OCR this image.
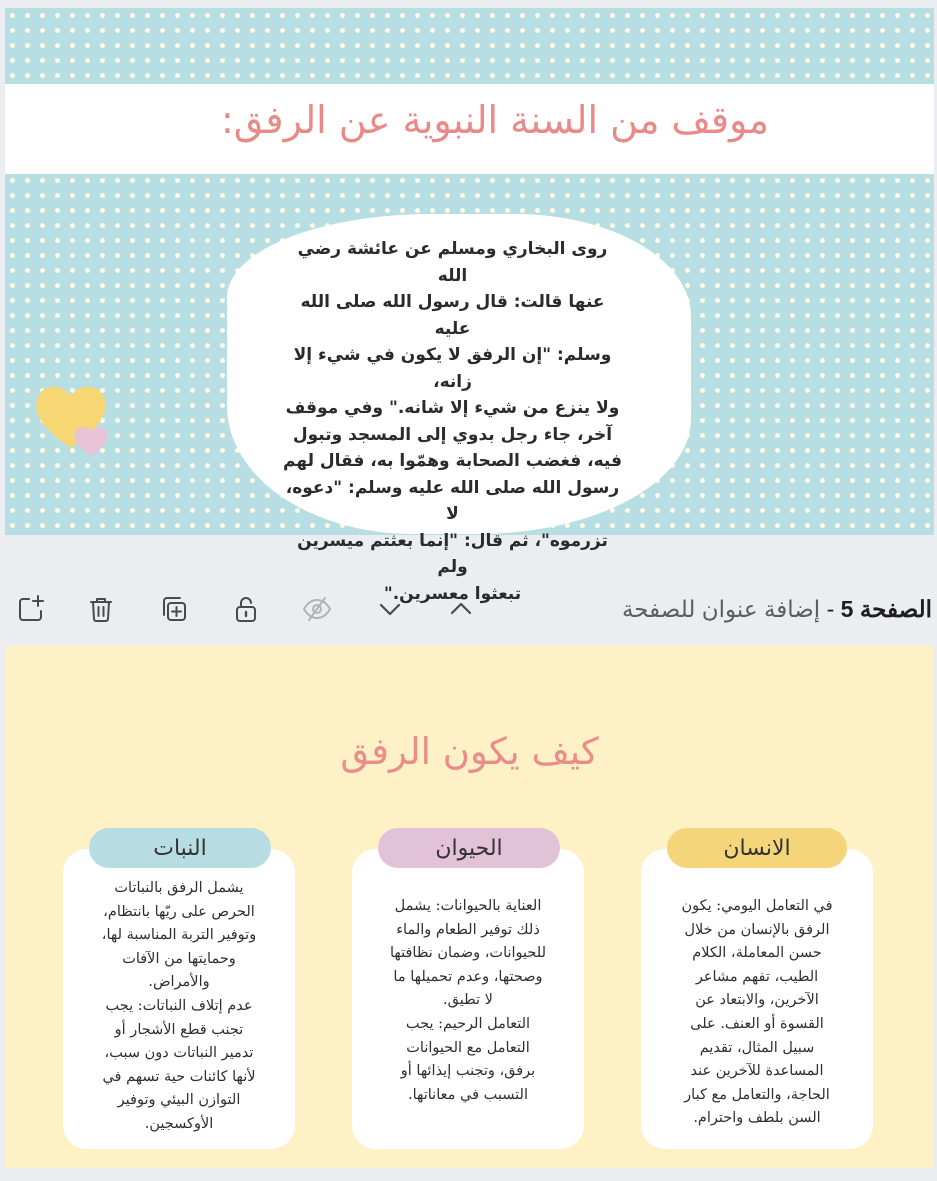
موقف من السنة النبوية عن الرفق:
روى البخاري ومسلم عن عائشة رضي الله
عنها قالت: قال رسول الله صلى الله عليه
وسلم: "إن الرفق لا يكون في شيء إلا زانه،
ولا ينزع من شيء إلا شانه." وفي موقف
آخر، جاء رجل بدوي إلى المسجد وتبول
فيه، فغضب الصحابة وهمّوا به، فقال لهم
رسول الله صلى الله عليه وسلم: "دعوه، لا
تزرموه"، ثم قال: "إنما بعثتم ميسرين ولم
تبعثوا معسرين."
الصفحة 5 - إضافة عنوان للصفحة
كيف يكون الرفق
يشمل الرفق بالنباتات
الحرص على ريّها بانتظام،
وتوفير التربة المناسبة لها،
وحمايتها من الآفات
والأمراض.
عدم إتلاف النباتات: يجب
تجنب قطع الأشجار أو
تدمير النباتات دون سبب،
لأنها كائنات حية تسهم في
التوازن البيئي وتوفير
الأوكسجين.
النبات
العناية بالحيوانات: يشمل
ذلك توفير الطعام والماء
للحيوانات، وضمان نظافتها
وصحتها، وعدم تحميلها ما
لا تطيق.
التعامل الرحيم: يجب
التعامل مع الحيوانات
برفق، وتجنب إيذائها أو
التسبب في معاناتها.
الحيوان
في التعامل اليومي: يكون
الرفق بالإنسان من خلال
حسن المعاملة، الكلام
الطيب، تفهم مشاعر
الآخرين، والابتعاد عن
القسوة أو العنف. على
سبيل المثال، تقديم
المساعدة للآخرين عند
الحاجة، والتعامل مع كبار
السن بلطف واحترام.
الانسان
